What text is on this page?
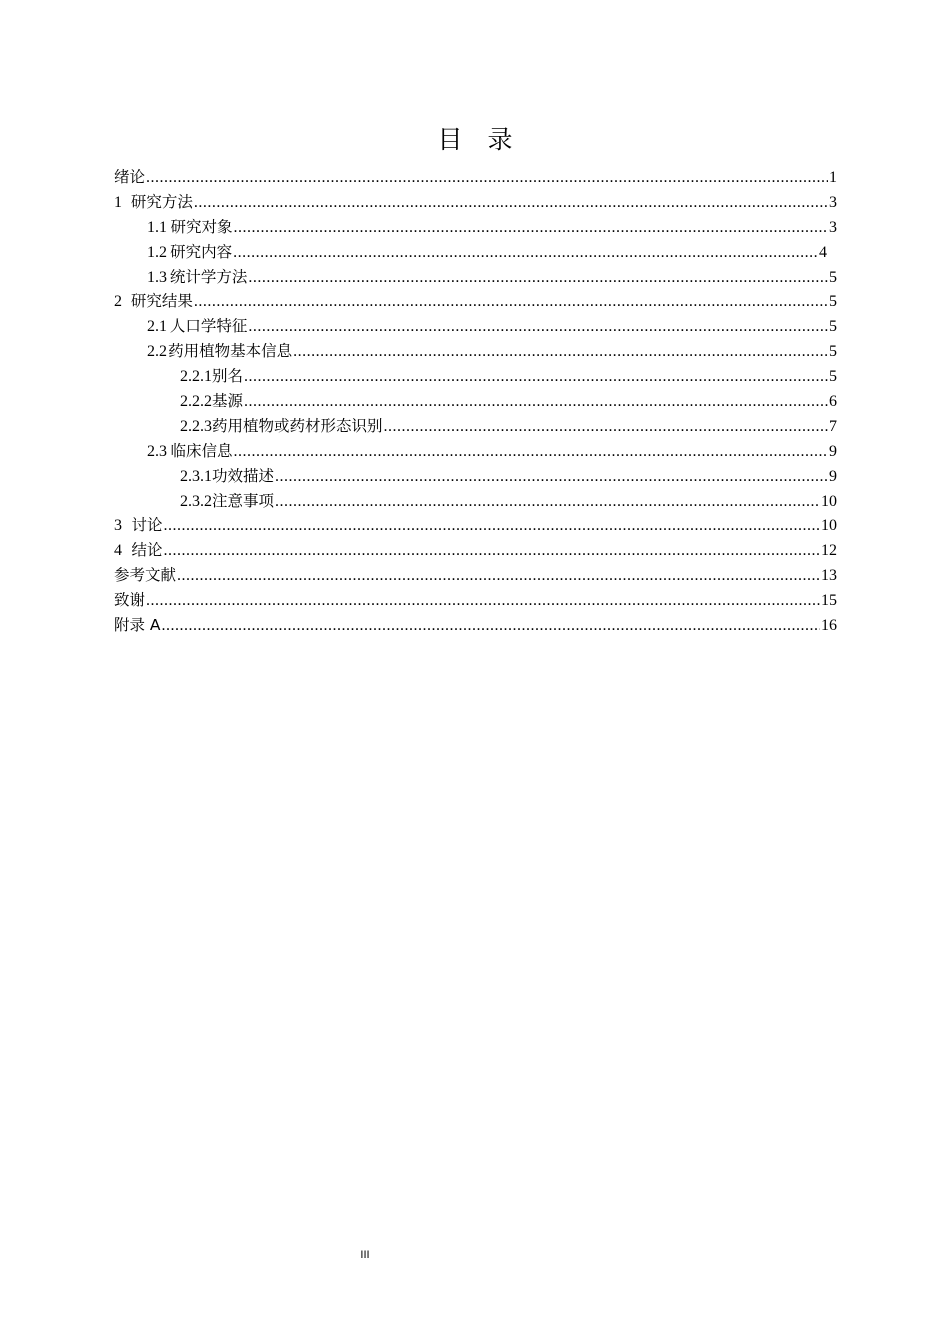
目　录
绪论 .....	1
1 研究方法 .....	3
1.1 研究对象 .....	3
1.2 研究内容 .....	4
1.3 统计学方法 .....	5
2 研究结果 .....	5
2.1 人口学特征 .....	5
2.2 药用植物基本信息 .....	5
2.2.1 别名 .....	5
2.2.2 基源 .....	6
2.2.3 药用植物或药材形态识别 .....	7
2.3 临床信息 .....	9
2.3.1 功效描述 .....	9
2.3.2 注意事项 .....	10
3 讨论 .....	10
4 结论 .....	12
参考文献 .....	13
致谢 .....	15
附录 A .....	16
III
